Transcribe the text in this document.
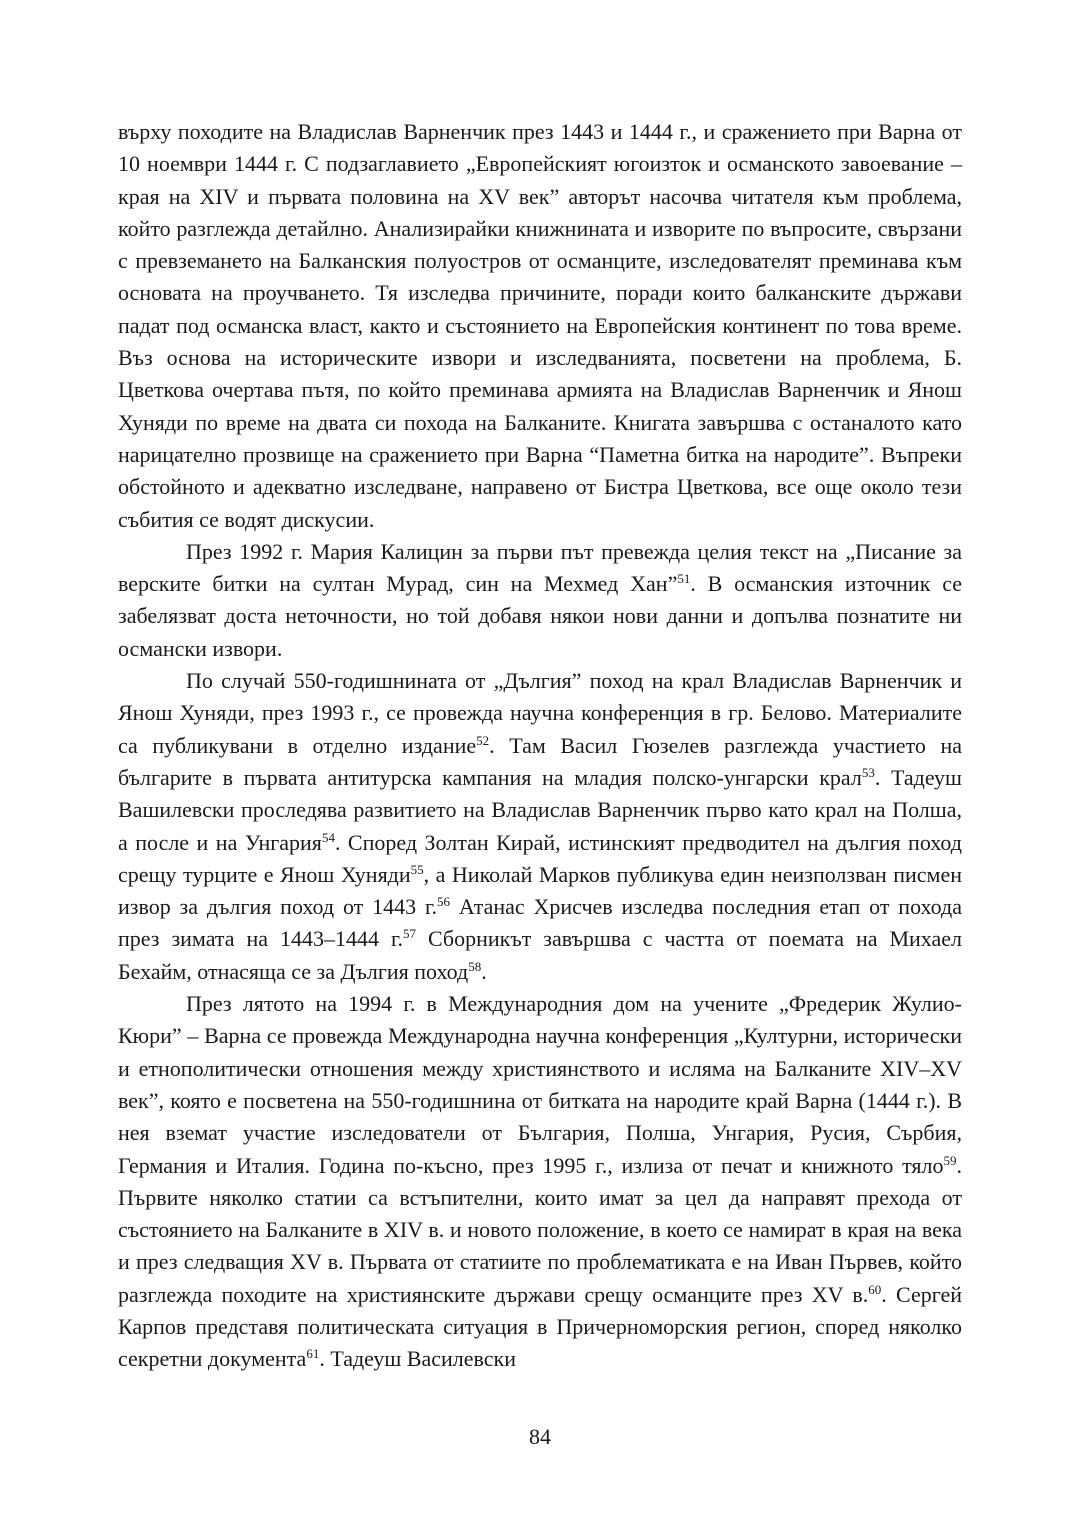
върху походите на Владислав Варненчик през 1443 и 1444 г., и сражението при Варна от 10 ноември 1444 г. С подзаглавието „Европейският югоизток и османското завоевание – края на XIV и първата половина на XV век” авторът насочва читателя към проблема, който разглежда детайлно. Анализирайки книжнината и изворите по въпросите, свързани с превземането на Балканския полуостров от османците, изследователят преминава към основата на проучването. Тя изследва причините, поради които балканските държави падат под османска власт, както и състоянието на Европейския континент по това време. Въз основа на историческите извори и изследванията, посветени на проблема, Б. Цветкова очертава пътя, по който преминава армията на Владислав Варненчик и Янош Хуняди по време на двата си похода на Балканите. Книгата завършва с останалото като нарицателно прозвище на сражението при Варна “Паметна битка на народите”. Въпреки обстойното и адекватно изследване, направено от Бистра Цветкова, все още около тези събития се водят дискусии.

През 1992 г. Мария Калицин за първи път превежда целия текст на „Писание за верските битки на султан Мурад, син на Мехмед Хан”$^{51}$. В османския източник се забелязват доста неточности, но той добавя някои нови данни и допълва познатите ни османски извори.

По случай 550-годишнината от „Дългия” поход на крал Владислав Варненчик и Янош Хуняди, през 1993 г., се провежда научна конференция в гр. Белово. Материалите са публикувани в отделно издание$^{52}$. Там Васил Гюзелев разглежда участието на българите в първата антитурска кампания на младия полско-унгарски крал$^{53}$. Тадеуш Вашилевски проследява развитието на Владислав Варненчик първо като крал на Полша, а после и на Унгария$^{54}$. Според Золтан Кирай, истинският предводител на дългия поход срещу турците е Янош Хуняди$^{55}$, а Николай Марков публикува един неизползван писмен извор за дългия поход от 1443 г.$^{56}$ Атанас Хрисчев изследва последния етап от похода през зимата на 1443–1444 г.$^{57}$ Сборникът завършва с частта от поемата на Михаел Бехайм, отнасяща се за Дългия поход$^{58}$.

През лятото на 1994 г. в Международния дом на учените „Фредерик Жулио-Кюри” – Варна се провежда Международна научна конференция „Културни, исторически и етнополитически отношения между християнството и исляма на Балканите XIV–XV век”, която е посветена на 550-годишнина от битката на народите край Варна (1444 г.). В нея вземат участие изследователи от България, Полша, Унгария, Русия, Сърбия, Германия и Италия. Година по-късно, през 1995 г., излиза от печат и книжното тяло$^{59}$. Първите няколко статии са встъпителни, които имат за цел да направят прехода от състоянието на Балканите в XIV в. и новото положение, в което се намират в края на века и през следващия XV в. Първата от статиите по проблематиката е на Иван Първев, който разглежда походите на християнските държави срещу османците през XV в.$^{60}$. Сергей Карпов представя политическата ситуация в Причерноморския регион, според няколко секретни документа$^{61}$. Тадеуш Василевски

84
